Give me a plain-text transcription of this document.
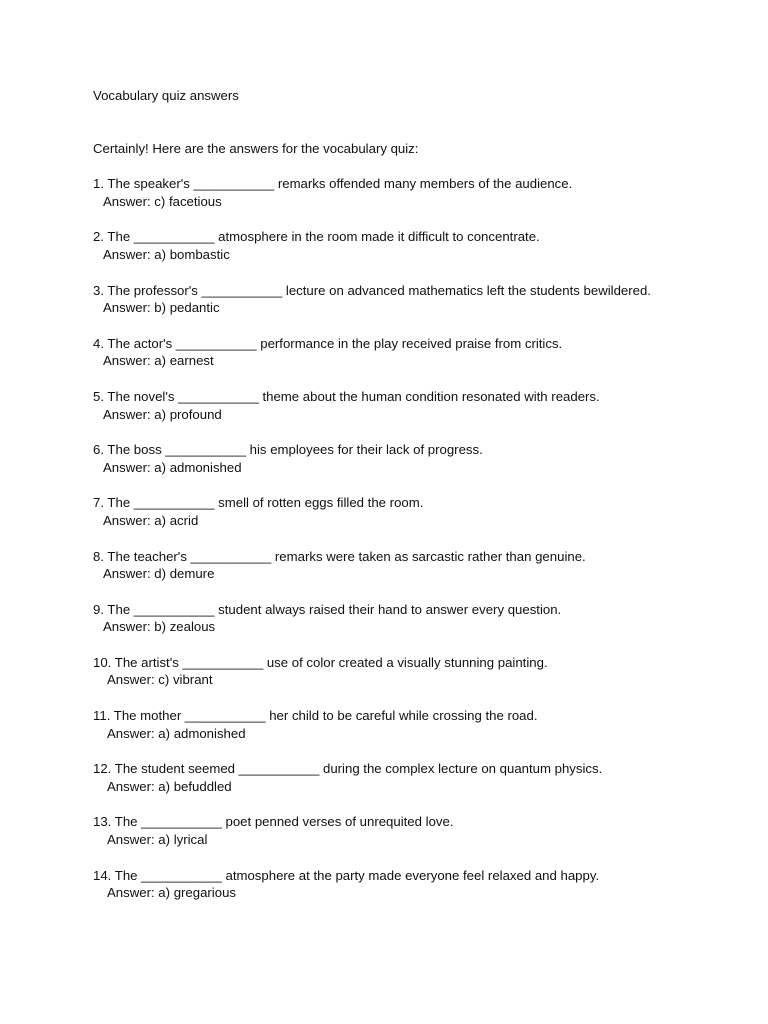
Vocabulary quiz answers
Certainly! Here are the answers for the vocabulary quiz:
1. The speaker's ___________ remarks offended many members of the audience.
Answer: c) facetious
2. The ___________ atmosphere in the room made it difficult to concentrate.
Answer: a) bombastic
3. The professor's ___________ lecture on advanced mathematics left the students bewildered.
Answer: b) pedantic
4. The actor's ___________ performance in the play received praise from critics.
Answer: a) earnest
5. The novel's ___________ theme about the human condition resonated with readers.
Answer: a) profound
6. The boss ___________ his employees for their lack of progress.
Answer: a) admonished
7. The ___________ smell of rotten eggs filled the room.
Answer: a) acrid
8. The teacher's ___________ remarks were taken as sarcastic rather than genuine.
Answer: d) demure
9. The ___________ student always raised their hand to answer every question.
Answer: b) zealous
10. The artist's ___________ use of color created a visually stunning painting.
Answer: c) vibrant
11. The mother ___________ her child to be careful while crossing the road.
Answer: a) admonished
12. The student seemed ___________ during the complex lecture on quantum physics.
Answer: a) befuddled
13. The ___________ poet penned verses of unrequited love.
Answer: a) lyrical
14. The ___________ atmosphere at the party made everyone feel relaxed and happy.
Answer: a) gregarious
